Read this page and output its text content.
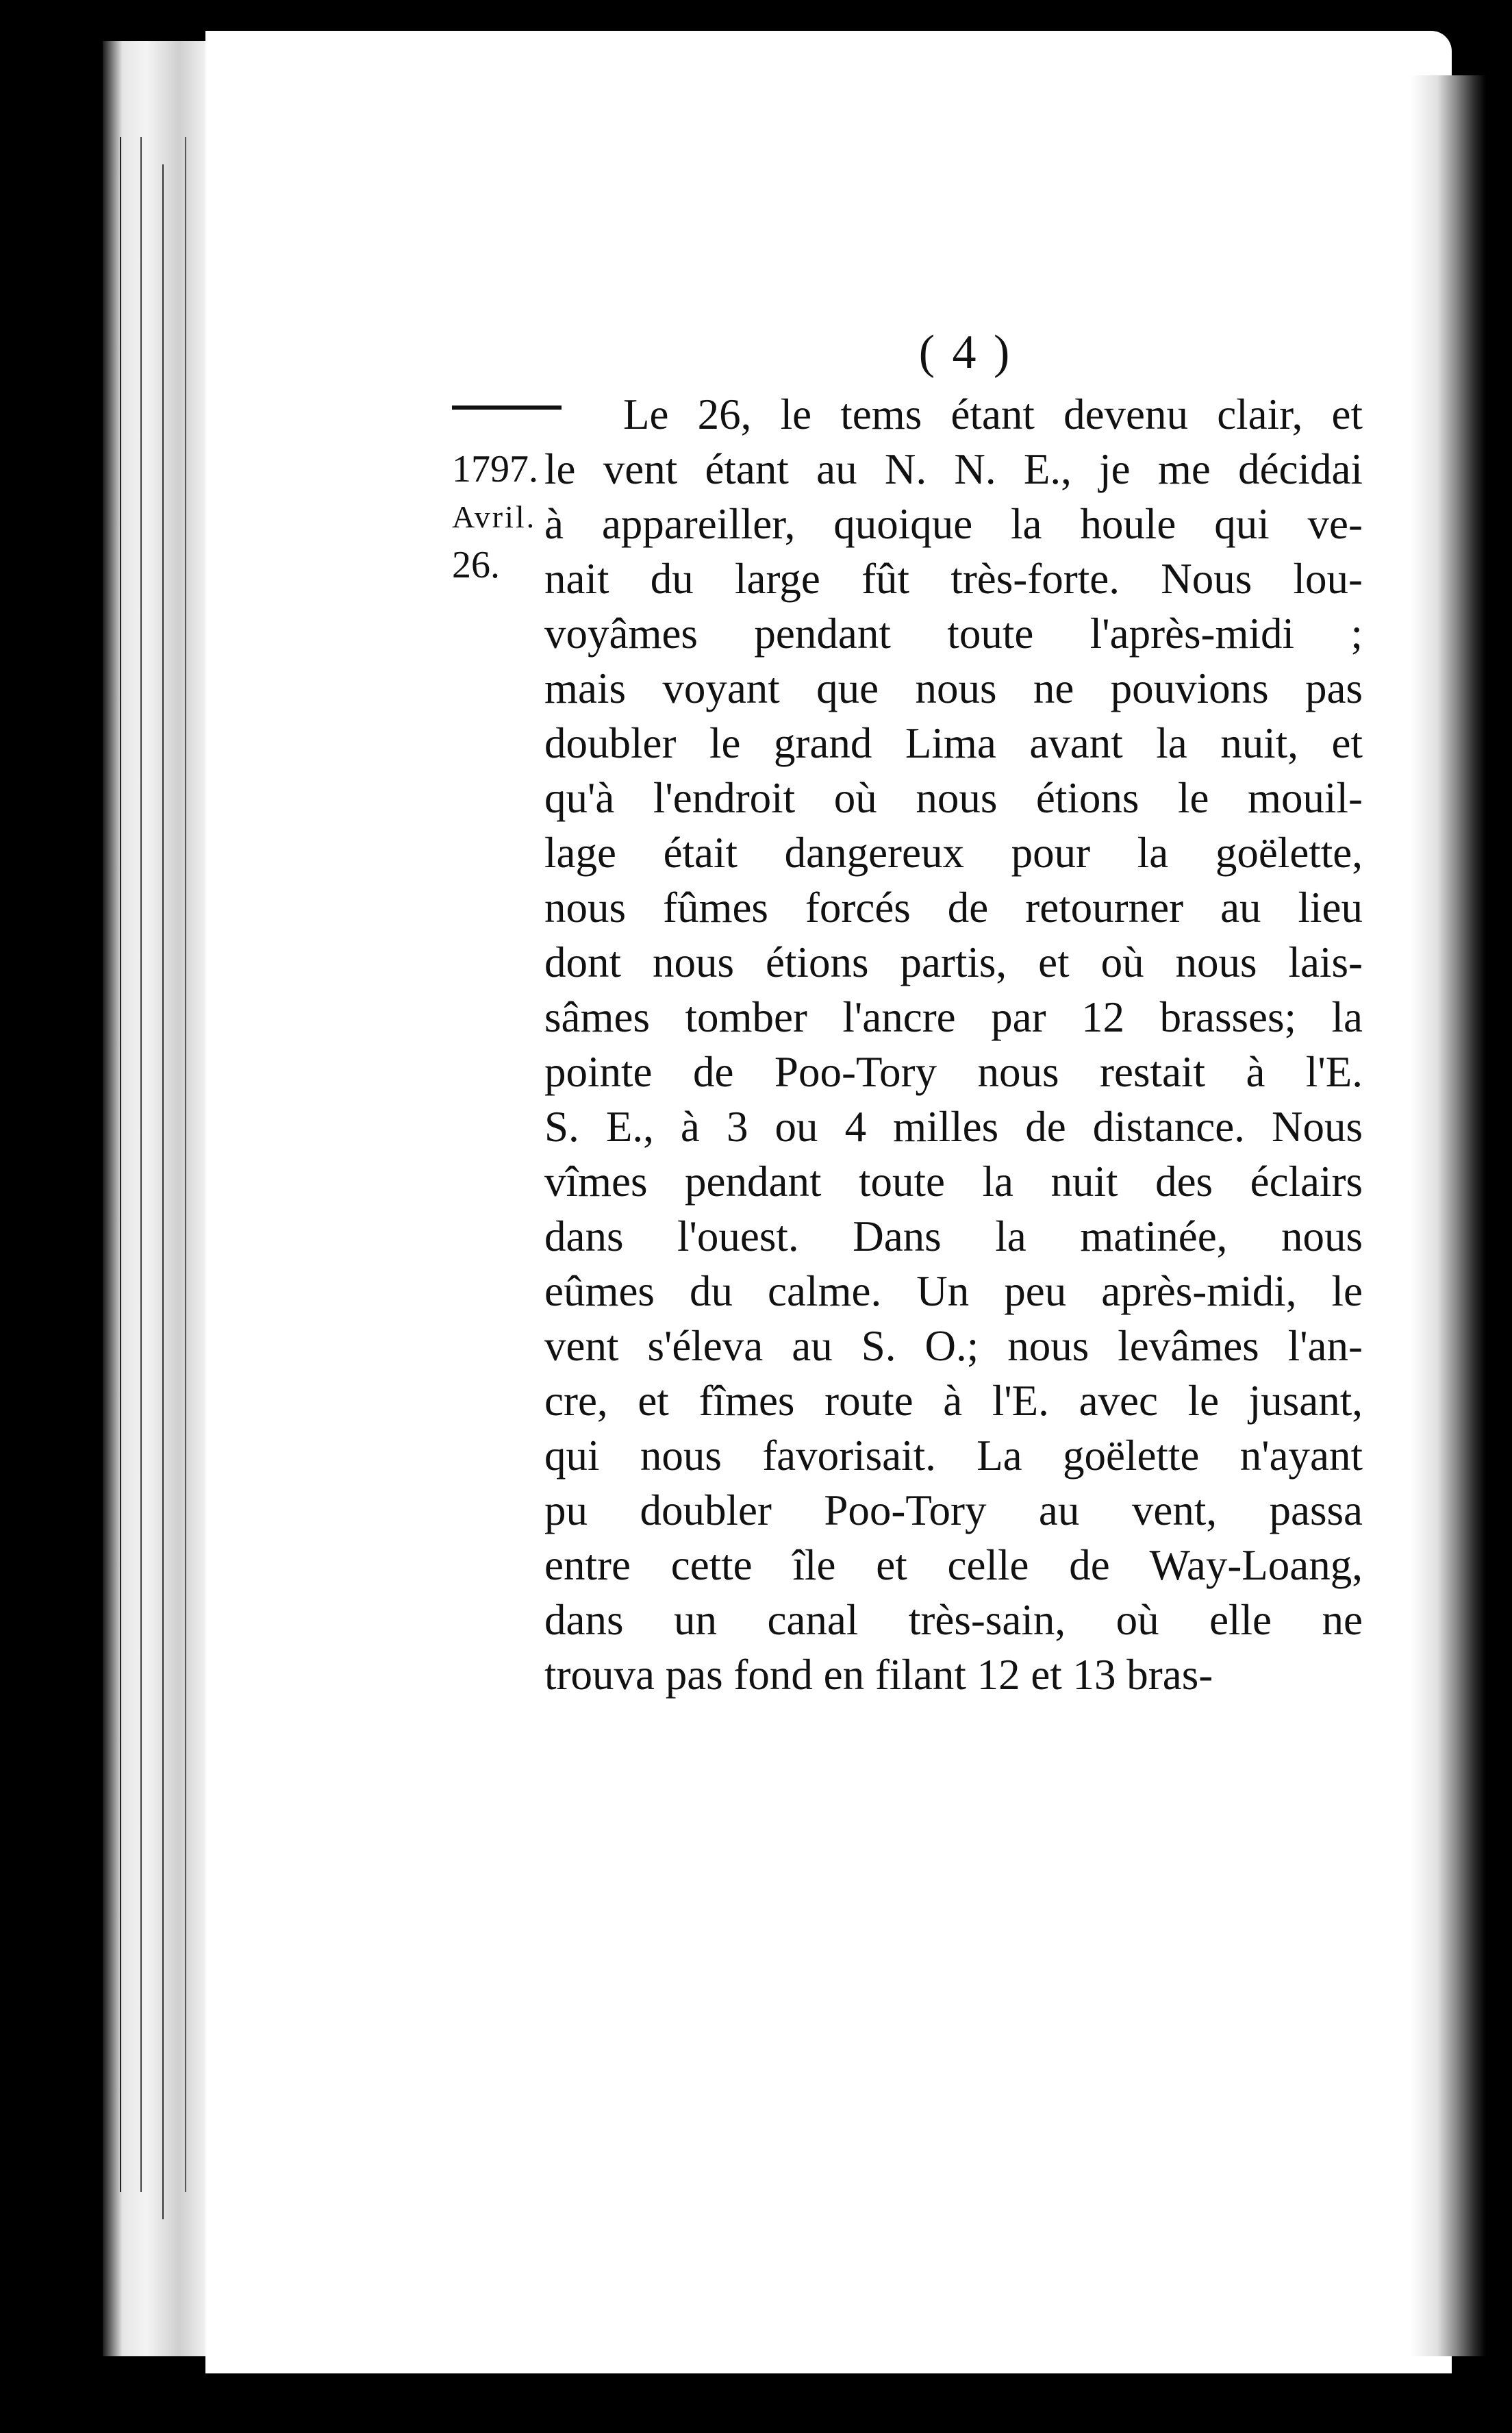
( 4 )
1797.
Avril.
26.
Le 26, le tems étant devenu clair, et
le vent étant au N. N. E., je me décidai
à appareiller, quoique la houle qui ve-
nait du large fût très-forte. Nous lou-
voyâmes pendant toute l'après-midi ;
mais voyant que nous ne pouvions pas
doubler le grand Lima avant la nuit, et
qu'à l'endroit où nous étions le mouil-
lage était dangereux pour la goëlette,
nous fûmes forcés de retourner au lieu
dont nous étions partis, et où nous lais-
sâmes tomber l'ancre par 12 brasses; la
pointe de Poo-Tory nous restait à l'E.
S. E., à 3 ou 4 milles de distance. Nous
vîmes pendant toute la nuit des éclairs
dans l'ouest. Dans la matinée, nous
eûmes du calme. Un peu après-midi, le
vent s'éleva au S. O.; nous levâmes l'an-
cre, et fîmes route à l'E. avec le jusant,
qui nous favorisait. La goëlette n'ayant
pu doubler Poo-Tory au vent, passa
entre cette île et celle de Way-Loang,
dans un canal très-sain, où elle ne
trouva pas fond en filant 12 et 13 bras-
